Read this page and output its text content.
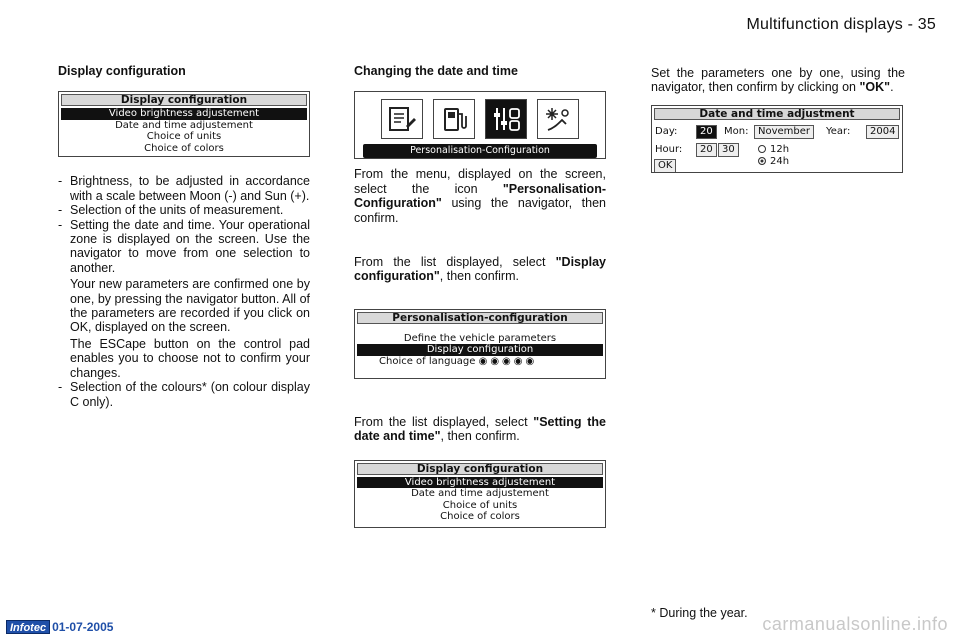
Multifunction displays - 35
Display configuration
Display configuration
Video brightness adjustement
Date and time adjustement
Choice of units
Choice of colors
- Brightness, to be adjusted in accordance with a scale between Moon (-) and Sun (+).
- Selection of the units of measurement.
- Setting the date and time. Your operational zone is displayed on the screen. Use the navigator to move from one selection to another.

Your new parameters are confirmed one by one, by pressing the navigator button. All of the parameters are recorded if you click on OK, displayed on the screen.

The ESCape button on the control pad enables you to choose not to confirm your changes.

- Selection of the colours* (on colour display C only).
Changing the date and time
Personalisation-Configuration

From the menu, displayed on the screen, select the icon "Personalisation-Configuration" using the navigator, then confirm.

From the list displayed, select "Display configuration", then confirm.

Personalisation-configuration
Define the vehicle parameters
Display configuration
Choice of language ◉◉◉◉◉

From the list displayed, select "Setting the date and time", then confirm.

Display configuration
Video brightness adjustement
Date and time adjustement
Choice of units
Choice of colors

Set the parameters one by one, using the navigator, then confirm by clicking on "OK".

Date and time adjustment
Day:	20	Mon: November	Year:	2004
Hour:	20 30	12h
OK	24h
* During the year.
Infotec 01-07-2005	carmanualsonline.info
